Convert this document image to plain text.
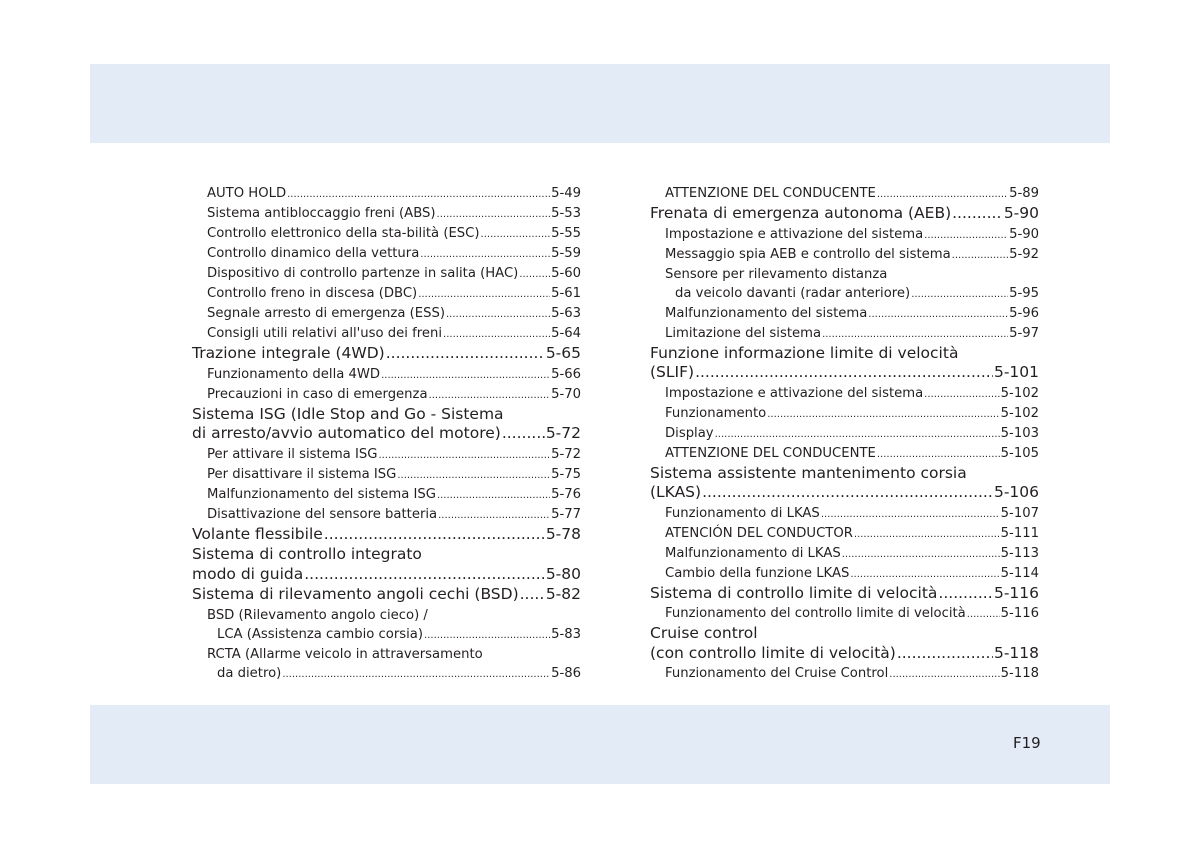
AUTO HOLD .....	5-49
Sistema antibloccaggio freni (ABS) .....	5-53
Controllo elettronico della sta-bilità (ESC) .....	5-55
Controllo dinamico della vettura .....	5-59
Dispositivo di controllo partenze in salita (HAC) ..... 5-60
Controllo freno in discesa (DBC) .....	5-61
Segnale arresto di emergenza (ESS) .....	5-63
Consigli utili relativi all'uso dei freni .....	5-64
Trazione integrale (4WD) .....	5-65
Funzionamento della 4WD .....	5-66
Precauzioni in caso di emergenza .....	5-70
Sistema ISG (Idle Stop and Go - Sistema
di arresto/avvio automatico del motore) .....	5-72
Per attivare il sistema ISG .....	5-72
Per disattivare il sistema ISG .....	5-75
Malfunzionamento del sistema ISG .....	5-76
Disattivazione del sensore batteria .....	5-77
Volante flessibile .....	5-78
Sistema di controllo integrato
modo di guida .....	5-80
Sistema di rilevamento angoli cechi (BSD) ..... 5-82
BSD (Rilevamento angolo cieco) /
LCA (Assistenza cambio corsia) .....	5-83
RCTA (Allarme veicolo in attraversamento
da dietro) .....	5-86
ATTENZIONE DEL CONDUCENTE .....	5-89
Frenata di emergenza autonoma (AEB) .....	5-90
Impostazione e attivazione del sistema .....	5-90
Messaggio spia AEB e controllo del sistema .....	5-92
Sensore per rilevamento distanza
da veicolo davanti (radar anteriore) .....	5-95
Malfunzionamento del sistema .....	5-96
Limitazione del sistema .....	5-97
Funzione informazione limite di velocità
(SLIF) .....	5-101
Impostazione e attivazione del sistema .....	5-102
Funzionamento .....	5-102
Display .....	5-103
ATTENZIONE DEL CONDUCENTE .....	5-105
Sistema assistente mantenimento corsia
(LKAS) .....	5-106
Funzionamento di LKAS .....	5-107
ATENCIÓN DEL CONDUCTOR .....	5-111
Malfunzionamento di LKAS .....	5-113
Cambio della funzione LKAS .....	5-114
Sistema di controllo limite di velocità .....	5-116
Funzionamento del controllo limite di velocità .....	5-116
Cruise control
(con controllo limite di velocità) .....	5-118
Funzionamento del Cruise Control .....	5-118
F19
